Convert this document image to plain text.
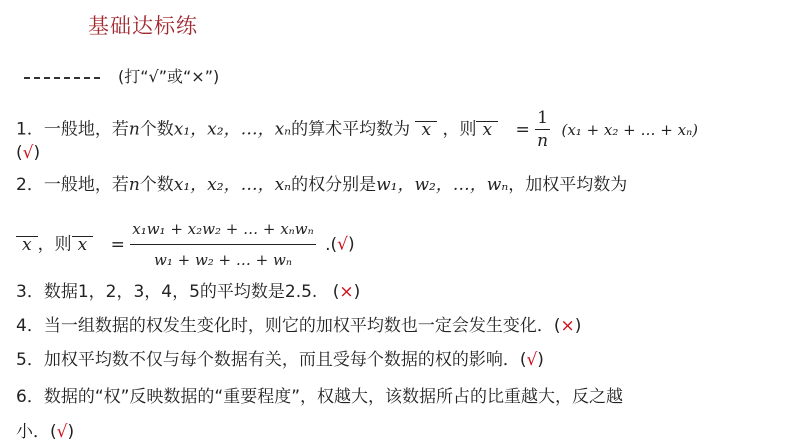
基础达标练
(打“√”或“×”)
1．一般地，若n个数x₁，x₂，…，xₙ的算术平均数为 x ，则 $x = \frac{1}{n} (x_1 + x_2$ + … + xₙ)
(√)
2．一般地，若n个数x₁，x₂，…，xₙ的权分别是w₁，w₂，…，wₙ，加权平均数为
x ，则 $x = \frac{\text{x₁w₁ + x₂w₂ + … + xₙwₙ}}{\text{w₁ + w₂ + … + wₙ}}$ .(√)
3．数据1，2，3，4，5的平均数是2.5. (×)
4．当一组数据的权发生变化时，则它的加权平均数也一定会发生变化．(×)
5．加权平均数不仅与每个数据有关，而且受每个数据的权的影响．(√)
6．数据的“权”反映数据的“重要程度”，权越大，该数据所占的比重越大，反之越
小．(√)
